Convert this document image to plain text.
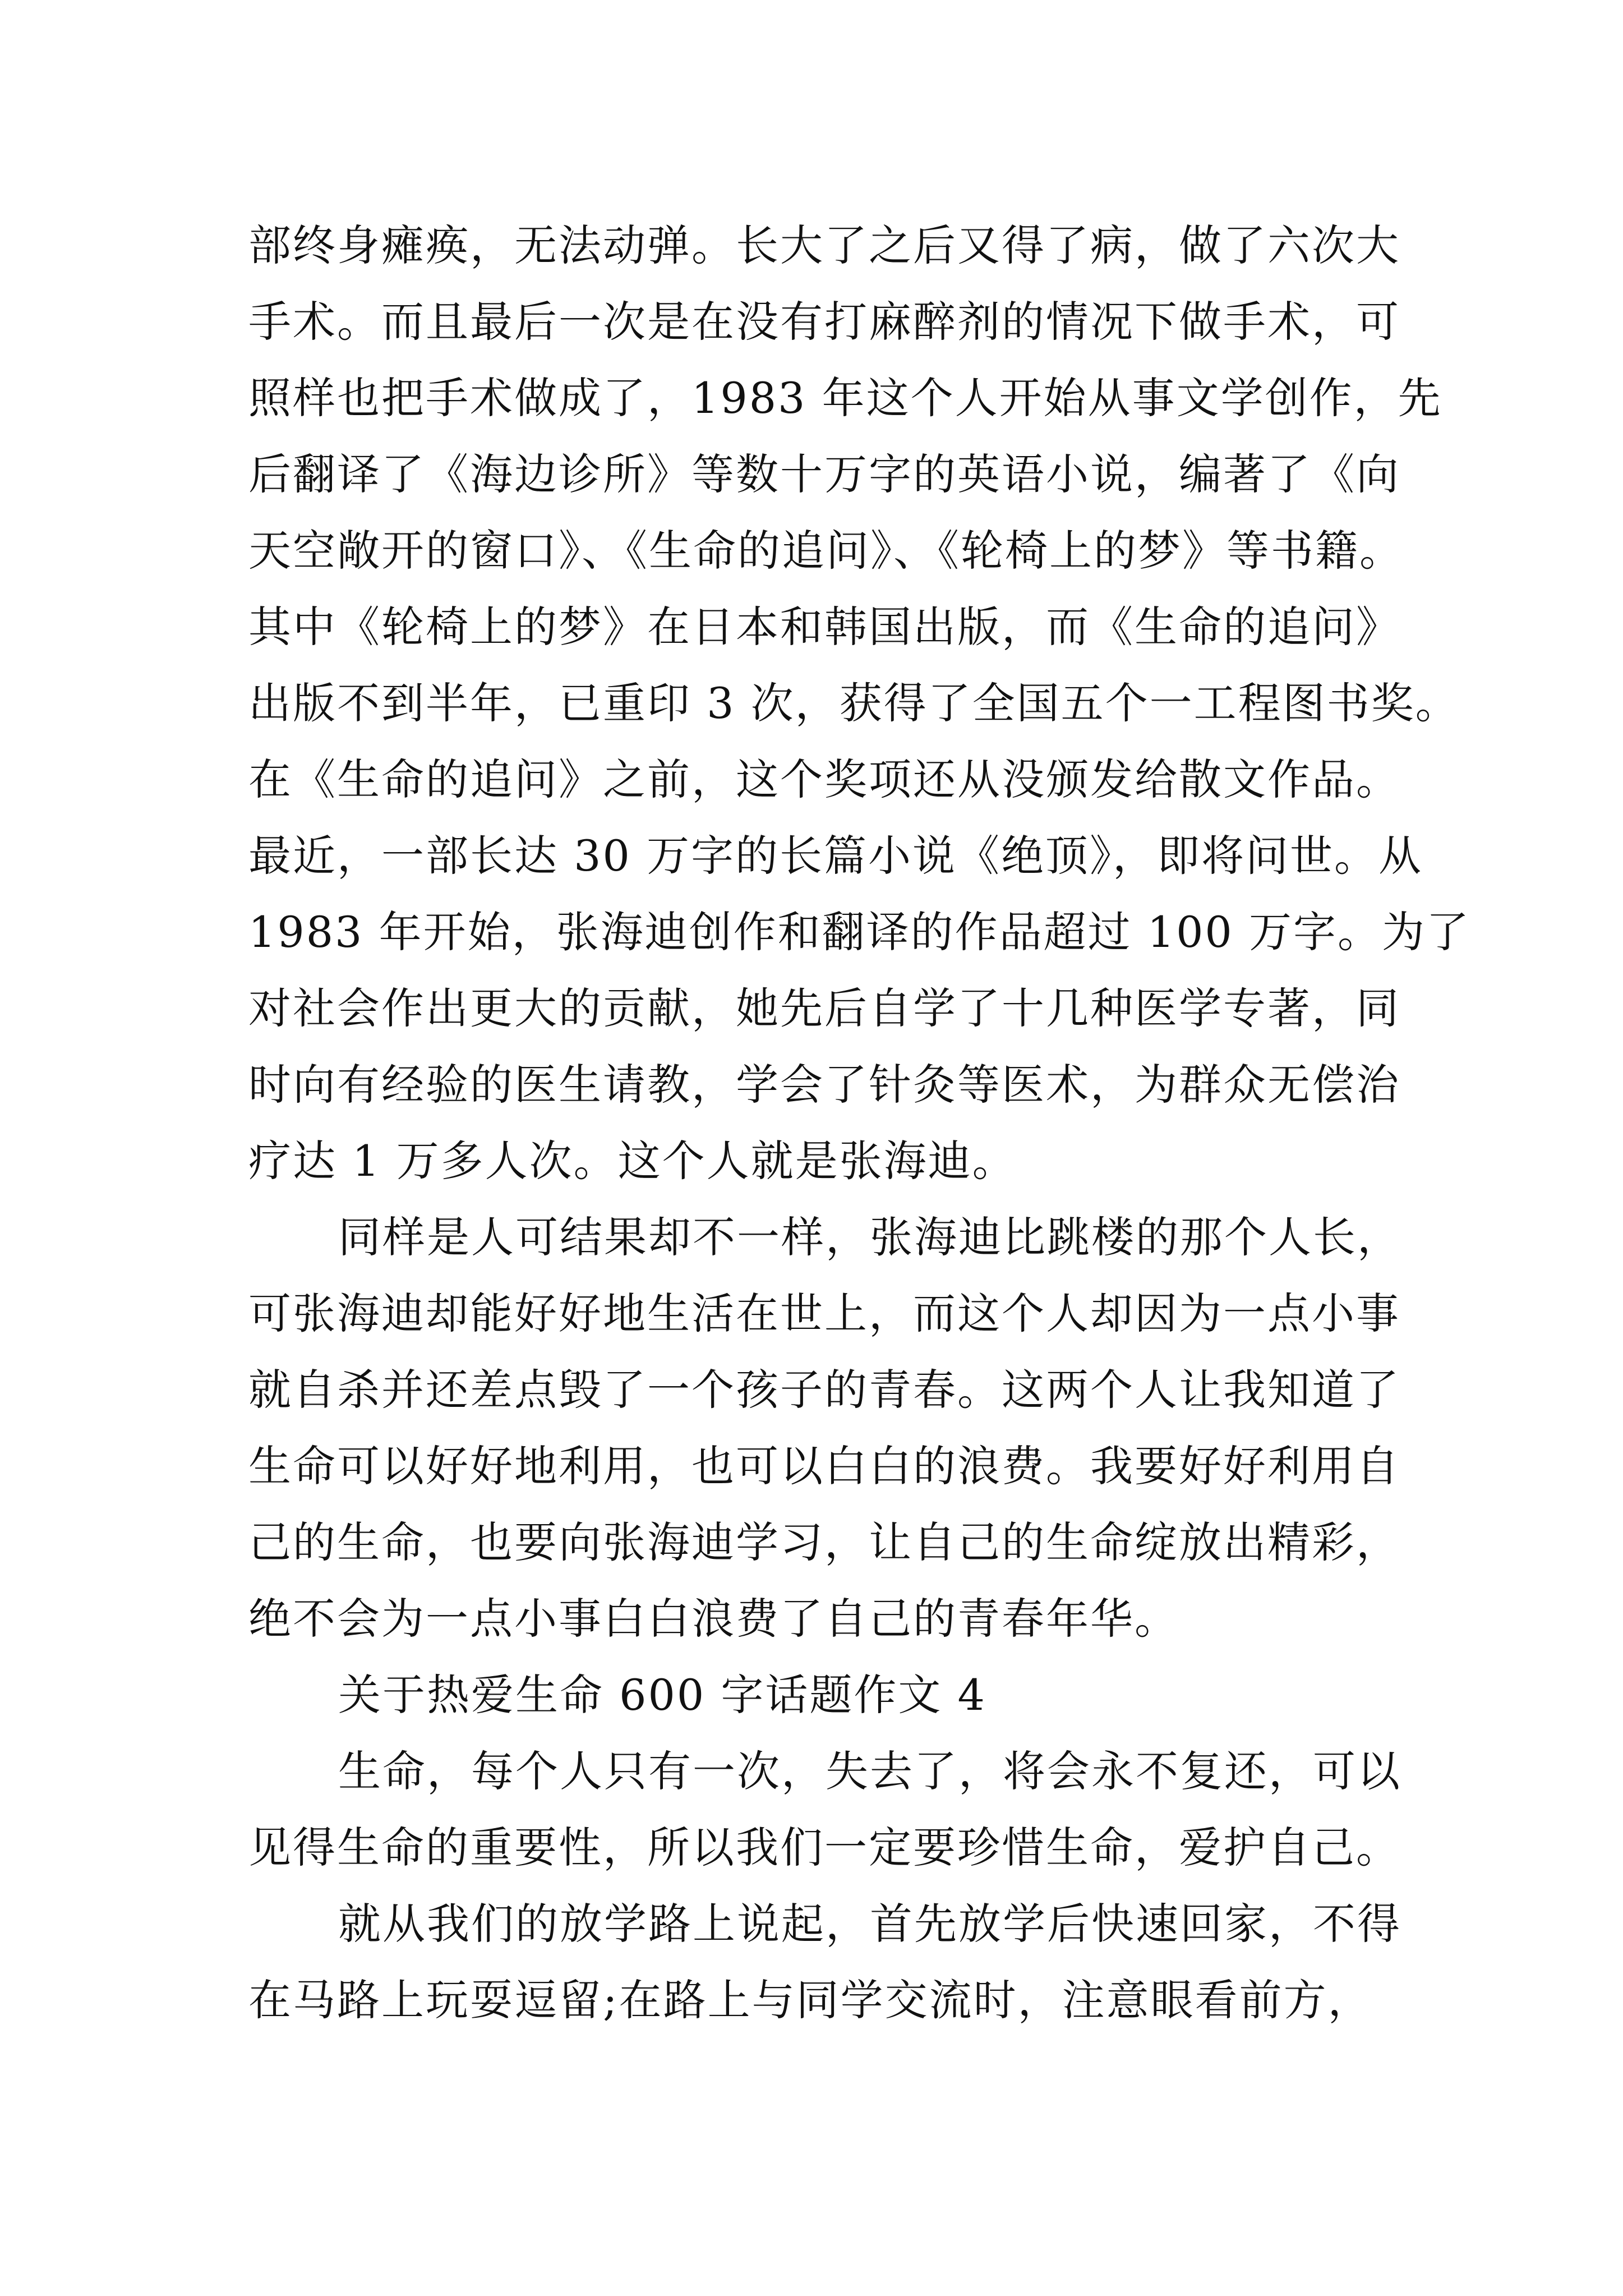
部终身瘫痪，无法动弹。长大了之后又得了病，做了六次大
手术。而且最后一次是在没有打麻醉剂的情况下做手术，可
照样也把手术做成了，1983 年这个人开始从事文学创作，先
后翻译了《海边诊所》等数十万字的英语小说，编著了《向
天空敞开的窗口》、《生命的追问》、《轮椅上的梦》等书籍。
其中《轮椅上的梦》在日本和韩国出版，而《生命的追问》
出版不到半年，已重印 3 次，获得了全国五个一工程图书奖。
在《生命的追问》之前，这个奖项还从没颁发给散文作品。
最近，一部长达 30 万字的长篇小说《绝顶》，即将问世。从
1983 年开始，张海迪创作和翻译的作品超过 100 万字。为了
对社会作出更大的贡献，她先后自学了十几种医学专著，同
时向有经验的医生请教，学会了针灸等医术，为群众无偿治
疗达 1 万多人次。这个人就是张海迪。
同样是人可结果却不一样，张海迪比跳楼的那个人长，
可张海迪却能好好地生活在世上，而这个人却因为一点小事
就自杀并还差点毁了一个孩子的青春。这两个人让我知道了
生命可以好好地利用，也可以白白的浪费。我要好好利用自
己的生命，也要向张海迪学习，让自己的生命绽放出精彩，
绝不会为一点小事白白浪费了自己的青春年华。
关于热爱生命 600 字话题作文 4
生命，每个人只有一次，失去了，将会永不复还，可以
见得生命的重要性，所以我们一定要珍惜生命，爱护自己。
就从我们的放学路上说起，首先放学后快速回家，不得
在马路上玩耍逗留;在路上与同学交流时，注意眼看前方，
